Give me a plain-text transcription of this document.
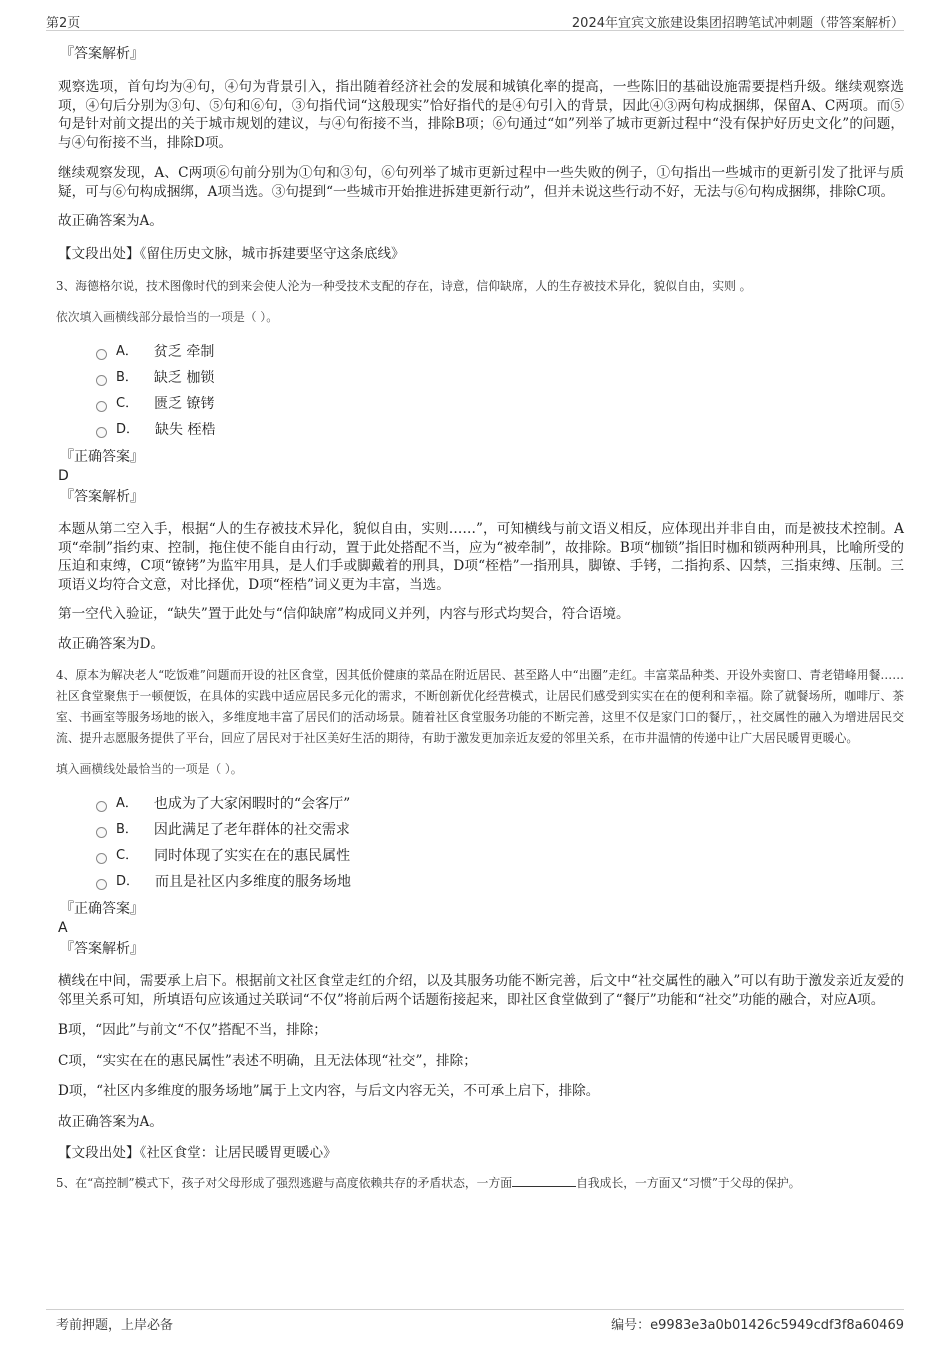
第2页	2024年宜宾文旅建设集团招聘笔试冲刺题（带答案解析）

『答案解析』

观察选项，首句均为④句，④句为背景引入，指出随着经济社会的发展和城镇化率的提高，一些陈旧的基础设施需要提档升级。继续观察选项，④句后分别为③句、⑤句和⑥句，③句指代词“这般现实”恰好指代的是④句引入的背景，因此④③两句构成捆绑，保留A、C两项。而⑤句是针对前文提出的关于城市规划的建议，与④句衔接不当，排除B项；⑥句通过“如”列举了城市更新过程中“没有保护好历史文化”的问题，与④句衔接不当，排除D项。

继续观察发现，A、C两项⑥句前分别为①句和③句，⑥句列举了城市更新过程中一些失败的例子，①句指出一些城市的更新引发了批评与质疑，可与⑥句构成捆绑，A项当选。③句提到“一些城市开始推进拆建更新行动”，但并未说这些行动不好，无法与⑥句构成捆绑，排除C项。

故正确答案为A。

【文段出处】《留住历史文脉，城市拆建要坚守这条底线》

3、海德格尔说，技术图像时代的到来会使人沦为一种受技术支配的存在，诗意，信仰缺席，人的生存被技术异化，貌似自由，实则 。

依次填入画横线部分最恰当的一项是（ ）。

A． 贫乏 牵制
B． 缺乏 枷锁
C． 匮乏 镣铐
D． 缺失 桎梏

『正确答案』

D

『答案解析』

本题从第二空入手，根据“人的生存被技术异化，貌似自由，实则……”，可知横线与前文语义相反，应体现出并非自由，而是被技术控制。A项“牵制”指约束、控制，拖住使不能自由行动，置于此处搭配不当，应为“被牵制”，故排除。B项“枷锁”指旧时枷和锁两种刑具，比喻所受的压迫和束缚，C项“镣铐”为监牢用具，是人们手或脚戴着的刑具，D项“桎梏”一指刑具，脚镣、手铐，二指拘系、囚禁，三指束缚、压制。三项语义均符合文意，对比择优，D项“桎梏”词义更为丰富，当选。

第一空代入验证，“缺失”置于此处与“信仰缺席”构成同义并列，内容与形式均契合，符合语境。

故正确答案为D。

4、原本为解决老人“吃饭难”问题而开设的社区食堂，因其低价健康的菜品在附近居民、甚至路人中“出圈”走红。丰富菜品种类、开设外卖窗口、青老错峰用餐……社区食堂聚焦于一顿便饭，在具体的实践中适应居民多元化的需求，不断创新优化经营模式，让居民们感受到实实在在的便利和幸福。除了就餐场所，咖啡厅、茶室、书画室等服务场地的嵌入，多维度地丰富了居民们的活动场景。随着社区食堂服务功能的不断完善，这里不仅是家门口的餐厅，，社交属性的融入为增进居民交流、提升志愿服务提供了平台，回应了居民对于社区美好生活的期待，有助于激发更加亲近友爱的邻里关系，在市井温情的传递中让广大居民暖胃更暖心。

填入画横线处最恰当的一项是（ ）。

A． 也成为了大家闲暇时的“会客厅”
B． 因此满足了老年群体的社交需求
C． 同时体现了实实在在的惠民属性
D． 而且是社区内多维度的服务场地

『正确答案』

A

『答案解析』

横线在中间，需要承上启下。根据前文社区食堂走红的介绍，以及其服务功能不断完善，后文中“社交属性的融入”可以有助于激发亲近友爱的邻里关系可知，所填语句应该通过关联词“不仅”将前后两个话题衔接起来，即社区食堂做到了“餐厅”功能和“社交”功能的融合，对应A项。

B项，“因此”与前文“不仅”搭配不当，排除；

C项，“实实在在的惠民属性”表述不明确，且无法体现“社交”，排除；

D项，“社区内多维度的服务场地”属于上文内容，与后文内容无关，不可承上启下，排除。

故正确答案为A。

【文段出处】《社区食堂：让居民暖胃更暖心》

5、在“高控制”模式下，孩子对父母形成了强烈逃避与高度依赖共存的矛盾状态，一方面	自我成长，一方面又“习惯”于父母的保护。

考前押题，上岸必备	编号：e9983e3a0b01426c5949cdf3f8a60469
